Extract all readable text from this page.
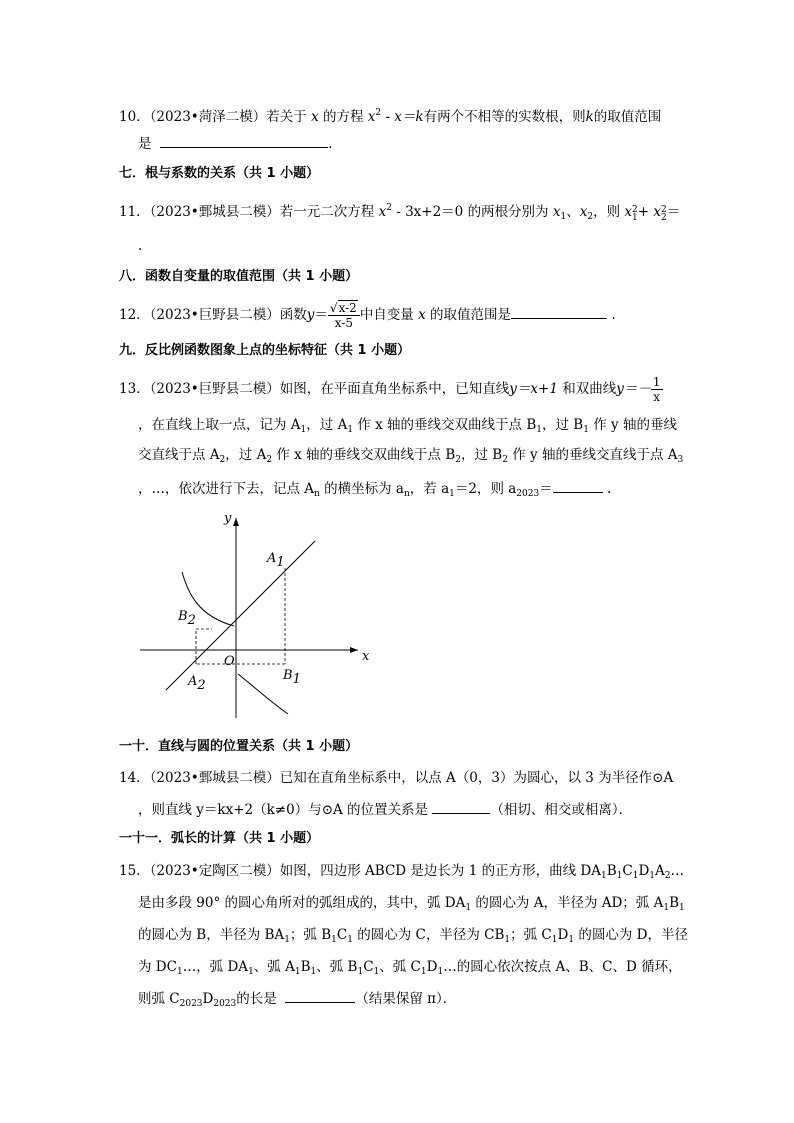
10．（2023•菏泽二模）若关于 x 的方程 $x^2 - x=k$有两个不相等的实数根，则k的取值范围
是	.
七．根与系数的关系（共 1 小题）
11．（2023•鄄城县二模）若一元二次方程 $x^2 - 3x+2=0$ 的两根分别为 $x_1$、$x_2$，则 x 2
1 + x 2
2 ＝
.
八．函数自变量的取值范围（共 1 小题）
12．（2023•巨野县二模）函数$y= \frac{√x-2}{x-5}$ 中自变量 x 的取值范围是	.
九．反比例函数图象上点的坐标特征（共 1 小题）
13．（2023•巨野县二模）如图，在平面直角坐标系中，已知直线y＝x+1 和双曲线$y=- \frac{1}{x}$
，在直线上取一点，记为 $A_1$，过 $A_1$ 作 x 轴的垂线交双曲线于点 $B_1$，过 $B_1$ 作 y 轴的垂线
交直线于点 $A_2$，过 $A_2$ 作 x 轴的垂线交双曲线于点 $B_2$，过 $B_2$ 作 y 轴的垂线交直线于点 $A_3$
，…，依次进行下去，记点 $A_n$ 的横坐标为 $a_n$，若 $a_1=2$，则 $a_{2023}=$	.
y
x
O
A1
B1
A2
B2
一十．直线与圆的位置关系（共 1 小题）
14．（2023•鄄城县二模）已知在直角坐标系中，以点 A（0，3）为圆心，以 3 为半径作⊙A
，则直线 y＝kx+2（k≠0）与⊙A 的位置关系是	（相切、相交或相离）．
一十一．弧长的计算（共 1 小题）
15．（2023•定陶区二模）如图，四边形 ABCD 是边长为 1 的正方形，曲线 $DA_1B_1C_1D_1A_2\dots$
是由多段 90° 的圆心角所对的弧组成的，其中，弧 $DA_1$ 的圆心为 A，半径为 AD；弧 $A_1B_1$
的圆心为 B，半径为 $BA_1$；弧 $B_1C_1$ 的圆心为 C，半径为 $CB_1$；弧 $C_1D_1$ 的圆心为 D，半径
为 $DC_1\dots$，弧 $DA_1$、弧 $A_1B_1$、弧 $B_1C_1$、弧 $C_1D_1\dots$的圆心依次按点 A、B、C、D 循环，
则弧 $C_{2023}D_{2023}$的长是	（结果保留 π）．
